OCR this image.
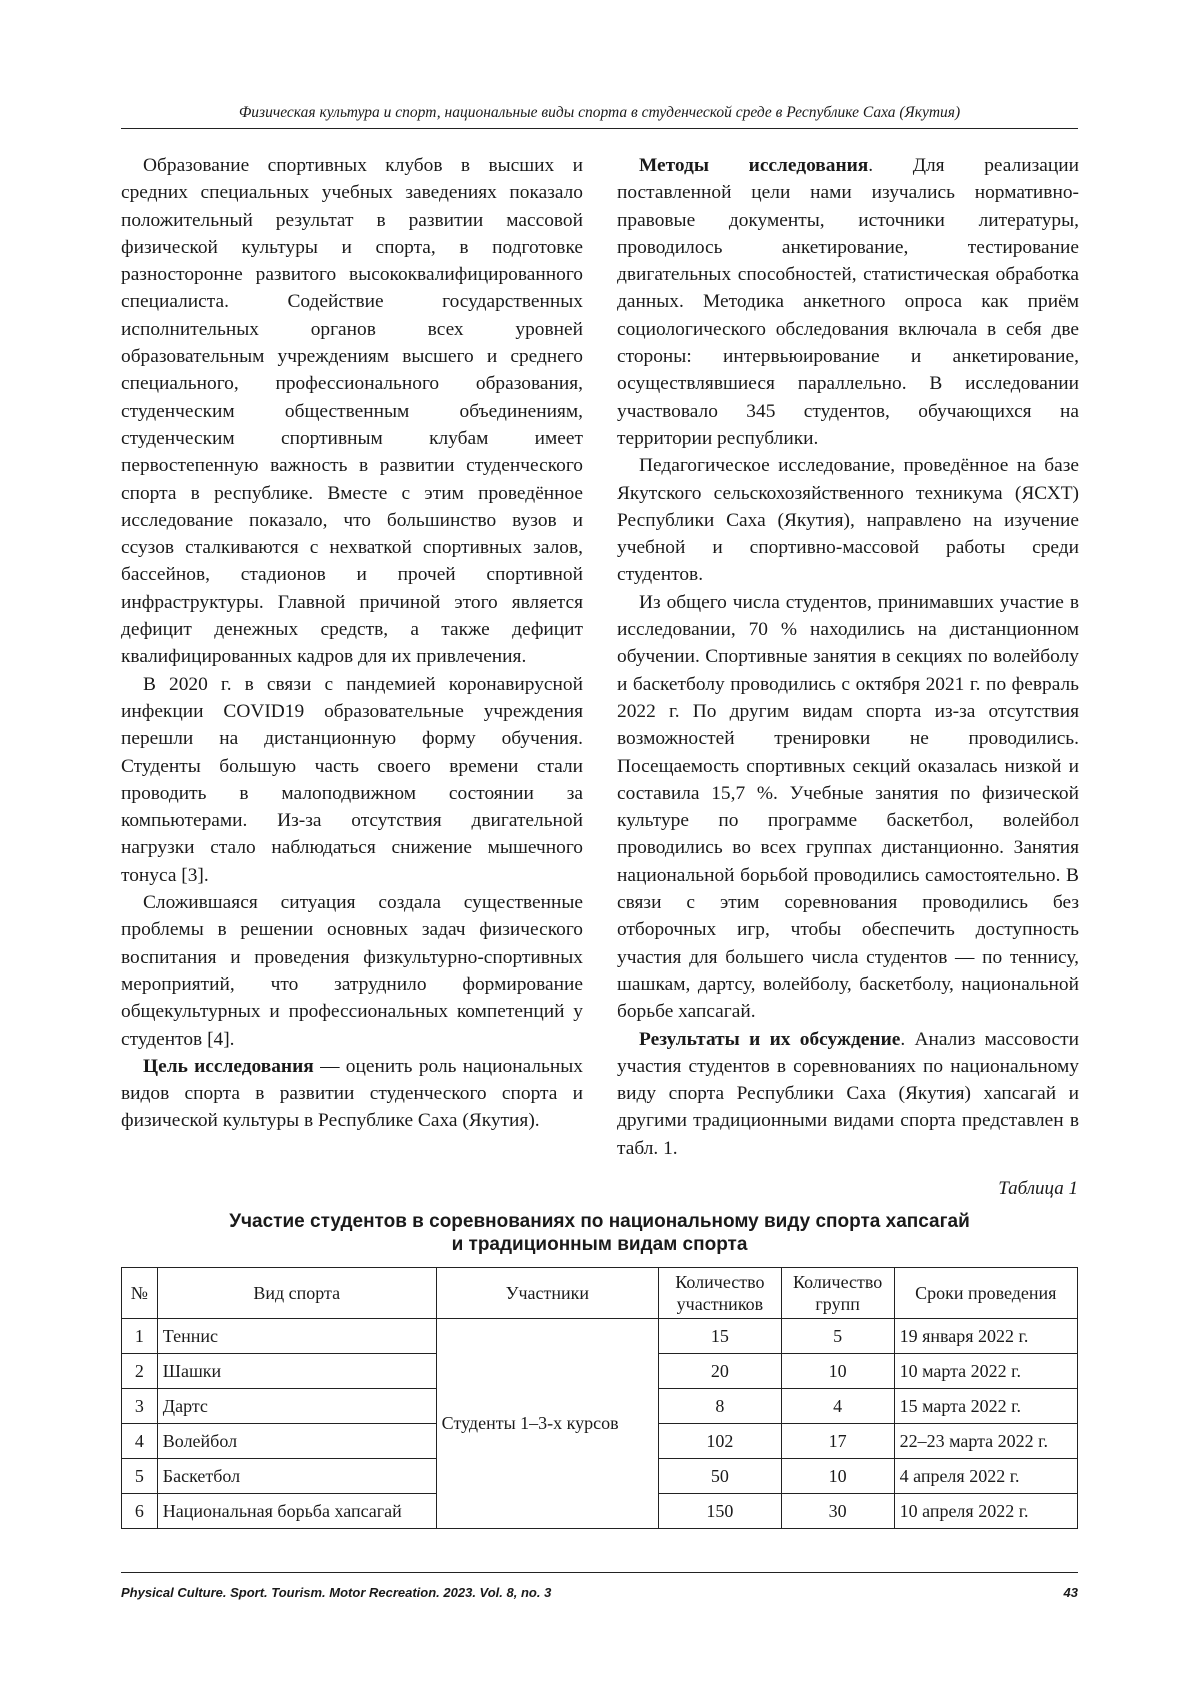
Физическая культура и спорт, национальные виды спорта в студенческой среде в Республике Саха (Якутия)

Образование спортивных клубов в высших и средних специальных учебных заведениях показало положительный результат в развитии массовой физической культуры и спорта, в подготовке разносторонне развитого высококвалифицированного специалиста. Содействие государственных исполнительных органов всех уровней образовательным учреждениям высшего и среднего специального, профессионального образования, студенческим общественным объединениям, студенческим спортивным клубам имеет первостепенную важность в развитии студенческого спорта в республике. Вместе с этим проведённое исследование показало, что большинство вузов и ссузов сталкиваются с нехваткой спортивных залов, бассейнов, стадионов и прочей спортивной инфраструктуры. Главной причиной этого является дефицит денежных средств, а также дефицит квалифицированных кадров для их привлечения.

В 2020 г. в связи с пандемией коронавирусной инфекции COVID19 образовательные учреждения перешли на дистанционную форму обучения. Студенты большую часть своего времени стали проводить в малоподвижном состоянии за компьютерами. Из-за отсутствия двигательной нагрузки стало наблюдаться снижение мышечного тонуса [3].

Сложившаяся ситуация создала существенные проблемы в решении основных задач физического воспитания и проведения физкультурно-спортивных мероприятий, что затруднило формирование общекультурных и профессиональных компетенций у студентов [4].

Цель исследования — оценить роль национальных видов спорта в развитии студенческого спорта и физической культуры в Республике Саха (Якутия).

Методы исследования. Для реализации поставленной цели нами изучались нормативно-правовые документы, источники литературы, проводилось анкетирование, тестирование двигательных способностей, статистическая обработка данных. Методика анкетного опроса как приём социологического обследования включала в себя две стороны: интервьюирование и анкетирование, осуществлявшиеся параллельно. В исследовании участвовало 345 студентов, обучающихся на территории республики.

Педагогическое исследование, проведённое на базе Якутского сельскохозяйственного техникума (ЯСХТ) Республики Саха (Якутия), направлено на изучение учебной и спортивно-массовой работы среди студентов.

Из общего числа студентов, принимавших участие в исследовании, 70 % находились на дистанционном обучении. Спортивные занятия в секциях по волейболу и баскетболу проводились с октября 2021 г. по февраль 2022 г. По другим видам спорта из-за отсутствия возможностей тренировки не проводились. Посещаемость спортивных секций оказалась низкой и составила 15,7 %. Учебные занятия по физической культуре по программе баскетбол, волейбол проводились во всех группах дистанционно. Занятия национальной борьбой проводились самостоятельно. В связи с этим соревнования проводились без отборочных игр, чтобы обеспечить доступность участия для большего числа студентов — по теннису, шашкам, дартсу, волейболу, баскетболу, национальной борьбе хапсагай.

Результаты и их обсуждение. Анализ массовости участия студентов в соревнованиях по национальному виду спорта Республики Саха (Якутия) хапсагай и другими традиционными видами спорта представлен в табл. 1.

Таблица 1
Участие студентов в соревнованиях по национальному виду спорта хапсагай
и традиционным видам спорта
№	Вид спорта	Участники	Количество участников	Количество групп	Сроки проведения
1	Теннис	Студенты 1–3-х курсов	15	5	19 января 2022 г.
2	Шашки		20	10	10 марта 2022 г.
3	Дартс		8	4	15 марта 2022 г.
4	Волейбол		102	17	22–23 марта 2022 г.
5	Баскетбол		50	10	4 апреля 2022 г.
6	Национальная борьба хапсагай		150	30	10 апреля 2022 г.
Physical Culture. Sport. Tourism. Motor Recreation. 2023. Vol. 8, no. 3	43
